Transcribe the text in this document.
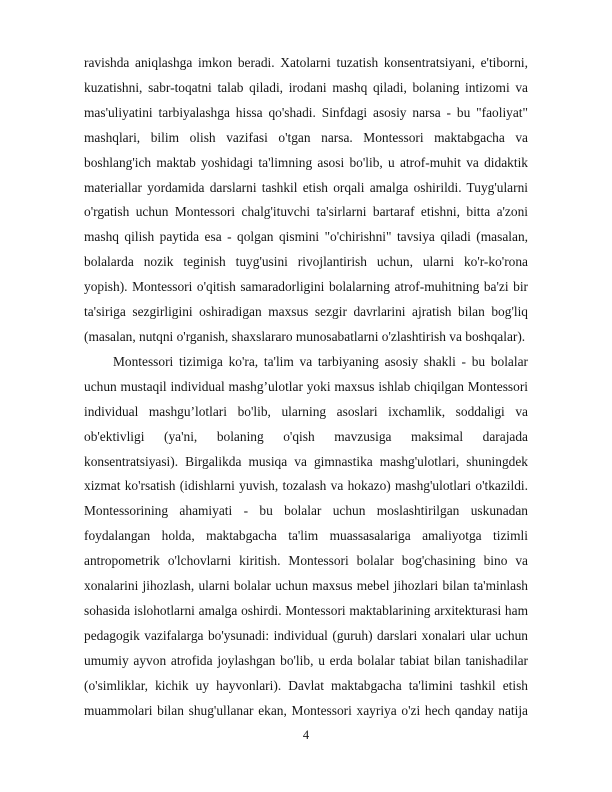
ravishda aniqlashga imkon beradi. Xatolarni tuzatish konsentratsiyani, e'tiborni, kuzatishni, sabr-toqatni talab qiladi, irodani mashq qiladi, bolaning intizomi va mas'uliyatini tarbiyalashga hissa qo'shadi. Sinfdagi asosiy narsa - bu "faoliyat" mashqlari, bilim olish vazifasi o'tgan narsa. Montessori maktabgacha va boshlang'ich maktab yoshidagi ta'limning asosi bo'lib, u atrof-muhit va didaktik materiallar yordamida darslarni tashkil etish orqali amalga oshirildi. Tuyg'ularni o'rgatish uchun Montessori chalg'ituvchi ta'sirlarni bartaraf etishni, bitta a'zoni mashq qilish paytida esa - qolgan qismini "o'chirishni" tavsiya qiladi (masalan, bolalarda nozik teginish tuyg'usini rivojlantirish uchun, ularni ko'r-ko'rona yopish). Montessori o'qitish samaradorligini bolalarning atrof-muhitning ba'zi bir ta'siriga sezgirligini oshiradigan maxsus sezgir davrlarini ajratish bilan bog'liq (masalan, nutqni o'rganish, shaxslararo munosabatlarni o'zlashtirish va boshqalar).

Montessori tizimiga ko'ra, ta'lim va tarbiyaning asosiy shakli - bu bolalar uchun mustaqil individual mashg’ulotlar yoki maxsus ishlab chiqilgan Montessori individual mashgu’lotlari bo'lib, ularning asoslari ixchamlik, soddaligi va ob'ektivligi (ya'ni, bolaning o'qish mavzusiga maksimal darajada konsentratsiyasi). Birgalikda musiqa va gimnastika mashg'ulotlari, shuningdek xizmat ko'rsatish (idishlarni yuvish, tozalash va hokazo) mashg'ulotlari o'tkazildi. Montessorining ahamiyati - bu bolalar uchun moslashtirilgan uskunadan foydalangan holda, maktabgacha ta'lim muassasalariga amaliyotga tizimli antropometrik o'lchovlarni kiritish. Montessori bolalar bog'chasining bino va xonalarini jihozlash, ularni bolalar uchun maxsus mebel jihozlari bilan ta'minlash sohasida islohotlarni amalga oshirdi. Montessori maktablarining arxitekturasi ham pedagogik vazifalarga bo'ysunadi: individual (guruh) darslari xonalari ular uchun umumiy ayvon atrofida joylashgan bo'lib, u erda bolalar tabiat bilan tanishadilar (o'simliklar, kichik uy hayvonlari). Davlat maktabgacha ta'limini tashkil etish muammolari bilan shug'ullanar ekan, Montessori xayriya o'zi hech qanday natija

4
